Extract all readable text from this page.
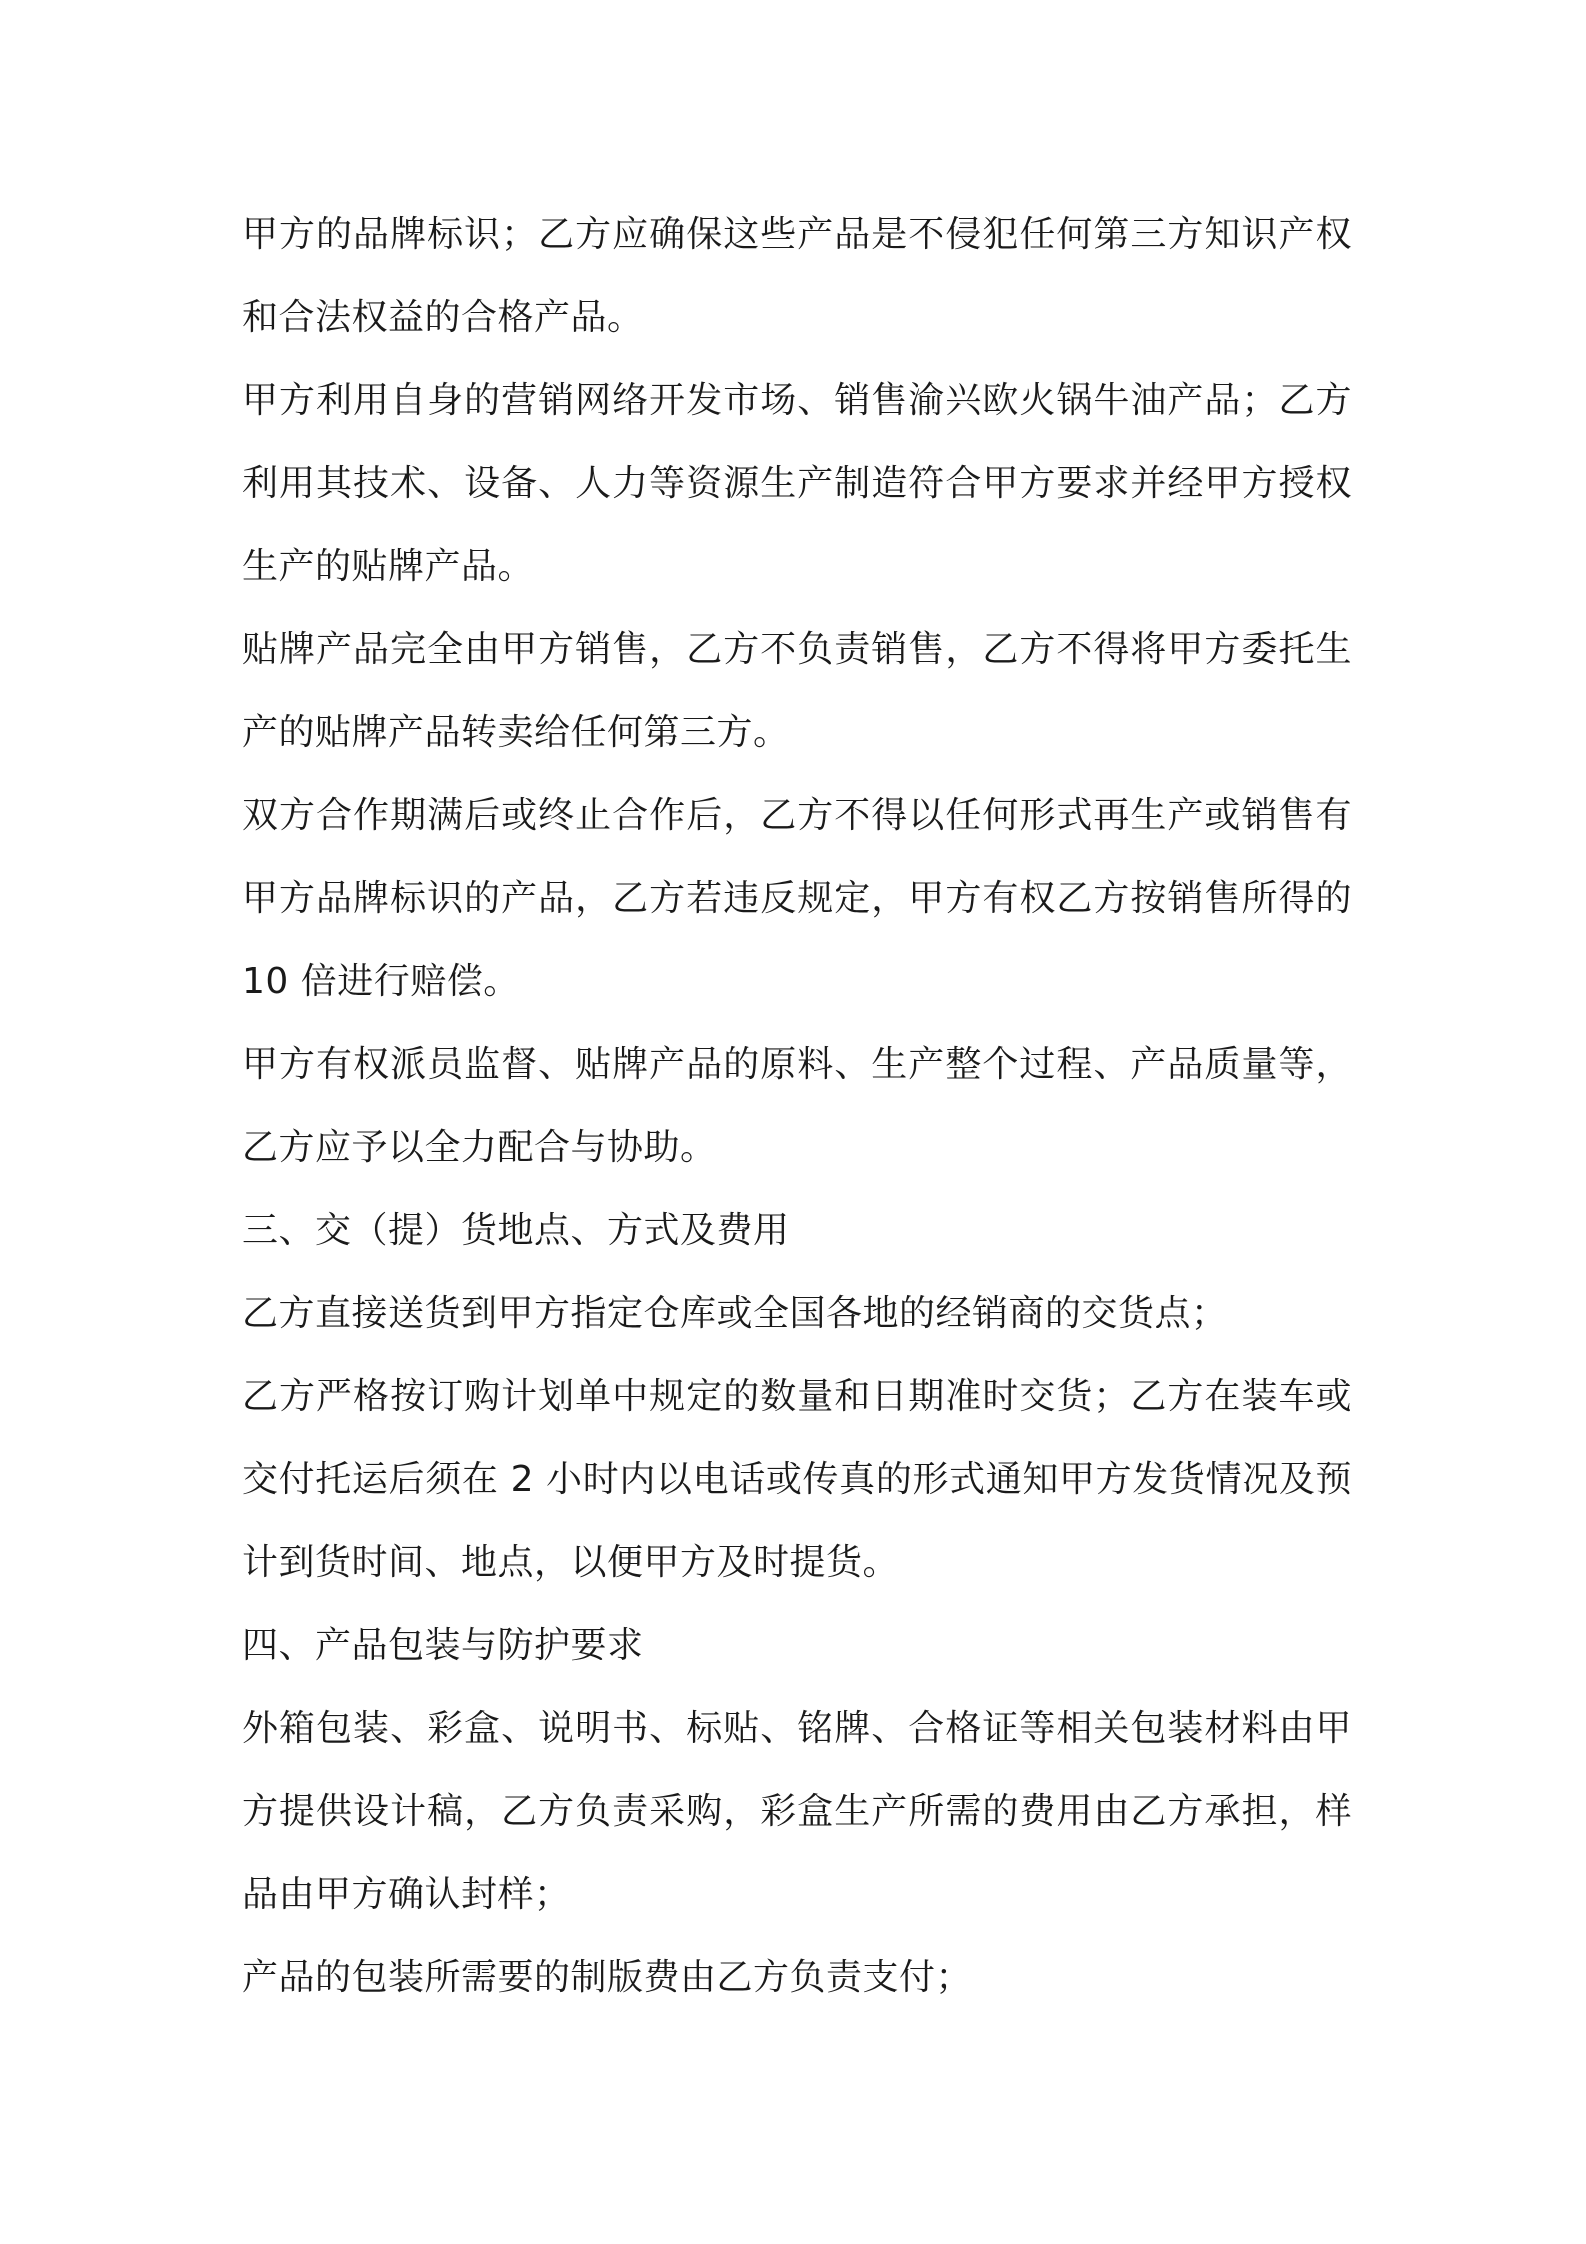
甲方的品牌标识；乙方应确保这些产品是不侵犯任何第三方知识产权和合法权益的合格产品。

甲方利用自身的营销网络开发市场、销售渝兴欧火锅牛油产品；乙方利用其技术、设备、人力等资源生产制造符合甲方要求并经甲方授权生产的贴牌产品。

贴牌产品完全由甲方销售，乙方不负责销售，乙方不得将甲方委托生产的贴牌产品转卖给任何第三方。

双方合作期满后或终止合作后，乙方不得以任何形式再生产或销售有甲方品牌标识的产品，乙方若违反规定，甲方有权乙方按销售所得的10 倍进行赔偿。

甲方有权派员监督、贴牌产品的原料、生产整个过程、产品质量等，乙方应予以全力配合与协助。

三、交（提）货地点、方式及费用

乙方直接送货到甲方指定仓库或全国各地的经销商的交货点；

乙方严格按订购计划单中规定的数量和日期准时交货；乙方在装车或交付托运后须在 2 小时内以电话或传真的形式通知甲方发货情况及预计到货时间、地点，以便甲方及时提货。

四、产品包装与防护要求

外箱包装、彩盒、说明书、标贴、铭牌、合格证等相关包装材料由甲方提供设计稿，乙方负责采购，彩盒生产所需的费用由乙方承担，样品由甲方确认封样；

产品的包装所需要的制版费由乙方负责支付；
